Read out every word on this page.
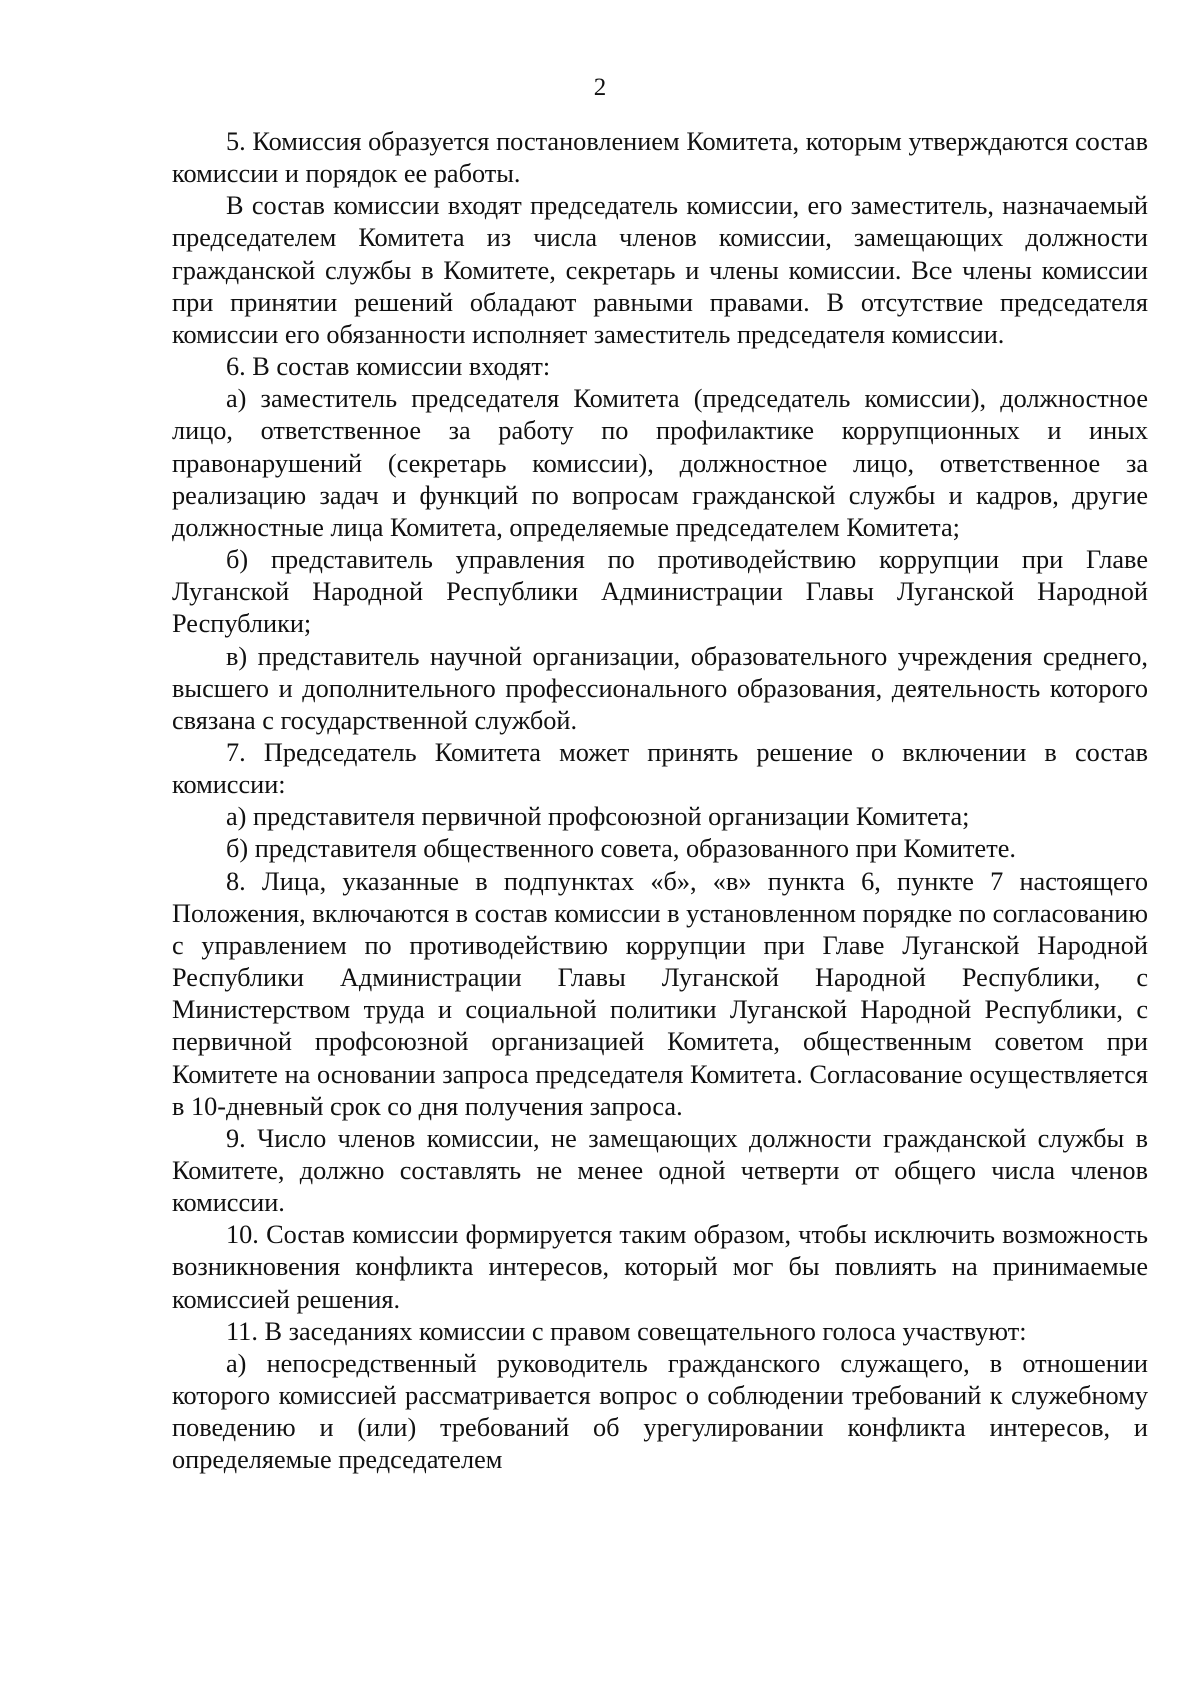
2

5. Комиссия образуется постановлением Комитета, которым утверждаются состав комиссии и порядок ее работы.

В состав комиссии входят председатель комиссии, его заместитель, назначаемый председателем Комитета из числа членов комиссии, замещающих должности гражданской службы в Комитете, секретарь и члены комиссии. Все члены комиссии при принятии решений обладают равными правами. В отсутствие председателя комиссии его обязанности исполняет заместитель председателя комиссии.

6. В состав комиссии входят:

а) заместитель председателя Комитета (председатель комиссии), должностное лицо, ответственное за работу по профилактике коррупционных и иных правонарушений (секретарь комиссии), должностное лицо, ответственное за реализацию задач и функций по вопросам гражданской службы и кадров, другие должностные лица Комитета, определяемые председателем Комитета;

б) представитель управления по противодействию коррупции при Главе Луганской Народной Республики Администрации Главы Луганской Народной Республики;

в) представитель научной организации, образовательного учреждения среднего, высшего и дополнительного профессионального образования, деятельность которого связана с государственной службой.

7. Председатель Комитета может принять решение о включении в состав комиссии:

а) представителя первичной профсоюзной организации Комитета;

б) представителя общественного совета, образованного при Комитете.

8. Лица, указанные в подпунктах «б», «в» пункта 6, пункте 7 настоящего Положения, включаются в состав комиссии в установленном порядке по согласованию с управлением по противодействию коррупции при Главе Луганской Народной Республики Администрации Главы Луганской Народной Республики, с Министерством труда и социальной политики Луганской Народной Республики, с первичной профсоюзной организацией Комитета, общественным советом при Комитете на основании запроса председателя Комитета. Согласование осуществляется в 10-дневный срок со дня получения запроса.

9. Число членов комиссии, не замещающих должности гражданской службы в Комитете, должно составлять не менее одной четверти от общего числа членов комиссии.

10. Состав комиссии формируется таким образом, чтобы исключить возможность возникновения конфликта интересов, который мог бы повлиять на принимаемые комиссией решения.

11. В заседаниях комиссии с правом совещательного голоса участвуют:

а) непосредственный руководитель гражданского служащего, в отношении которого комиссией рассматривается вопрос о соблюдении требований к служебному поведению и (или) требований об урегулировании конфликта интересов, и определяемые председателем
